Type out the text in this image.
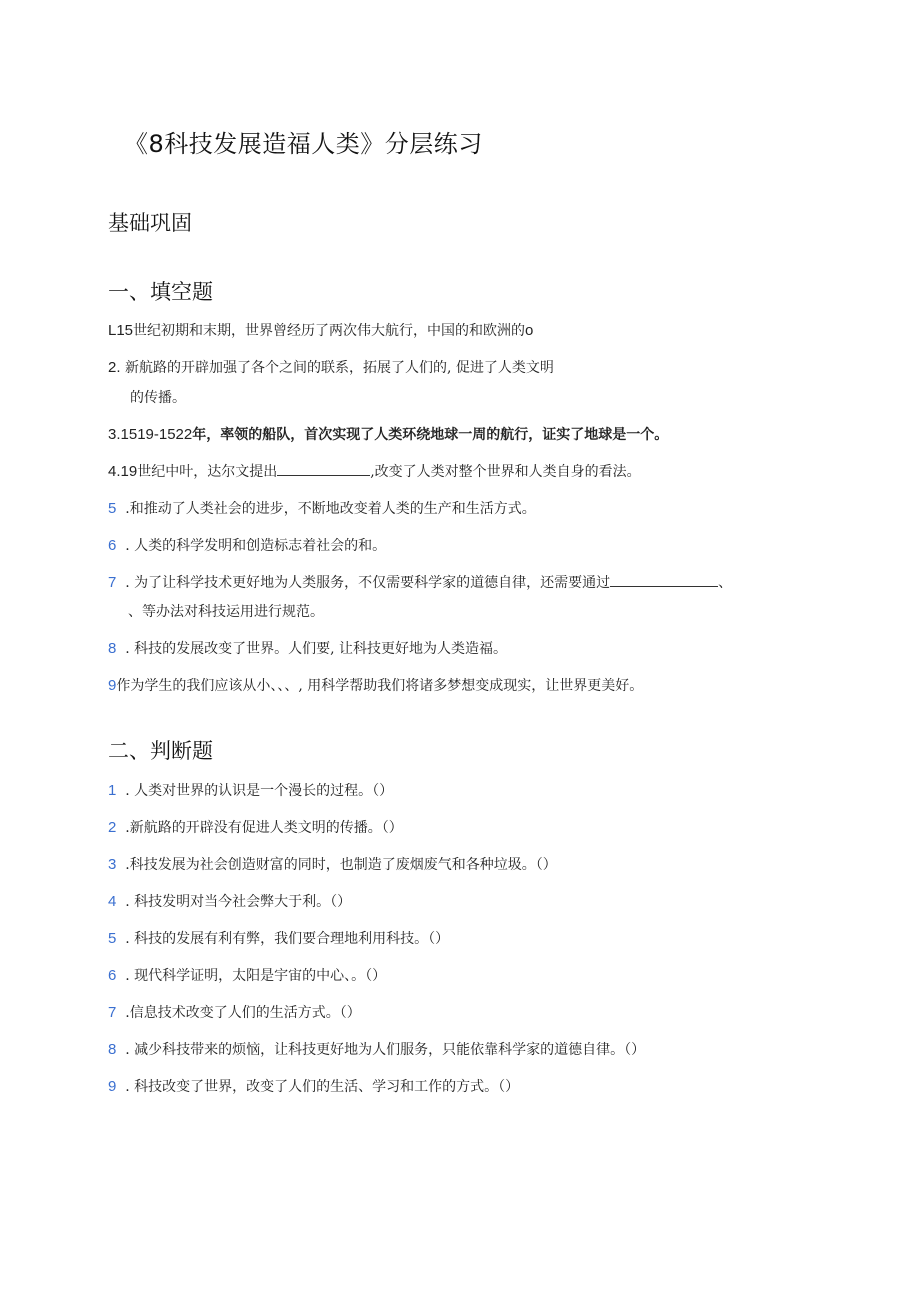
《8科技发展造福人类》分层练习
基础巩固
一、填空题
L15世纪初期和末期，世界曾经历了两次伟大航行，中国的和欧洲的o
2. 新航路的开辟加强了各个之间的联系，拓展了人们的, 促进了人类文明
的传播。
3.1519-1522年，率领的船队，首次实现了人类环绕地球一周的航行，证实了地球是一个。
4.19世纪中叶，达尔文提出	,改变了人类对整个世界和人类自身的看法。
5 .和推动了人类社会的进步，不断地改变着人类的生产和生活方式。
6 . 人类的科学发明和创造标志着社会的和。
7 . 为了让科学技术更好地为人类服务，不仅需要科学家的道德自律，还需要通过	、
、等办法对科技运用进行规范。
8 . 科技的发展改变了世界。人们要, 让科技更好地为人类造福。
9作为学生的我们应该从小、、、, 用科学帮助我们将诸多梦想变成现实，让世界更美好。
二、判断题
1 . 人类对世界的认识是一个漫长的过程。（）
2 .新航路的开辟没有促进人类文明的传播。（）
3 .科技发展为社会创造财富的同时，也制造了废烟废气和各种垃圾。（）
4 . 科技发明对当今社会弊大于利。（）
5 . 科技的发展有利有弊，我们要合理地利用科技。（）
6 . 现代科学证明，太阳是宇宙的中心、。（）
7 .信息技术改变了人们的生活方式。（）
8 . 减少科技带来的烦恼，让科技更好地为人们服务，只能依靠科学家的道德自律。（）
9 . 科技改变了世界，改变了人们的生活、学习和工作的方式。（）
